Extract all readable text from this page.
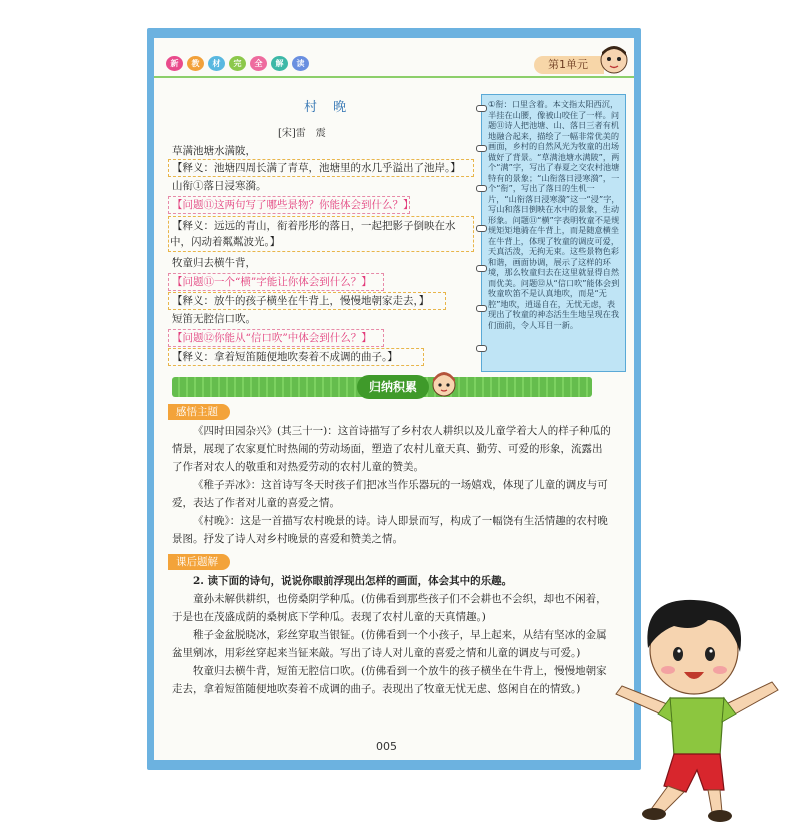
新	教	材	完	全	解	读	第1单元
村 晚
[宋]雷　震
草满池塘水满陂，
【释义：池塘四周长满了青草，池塘里的水几乎溢出了池岸。】
山衔①落日浸寒漪。
【问题⑪这两句写了哪些景物？你能体会到什么？】
【释义：远远的青山，衔着彤彤的落日，一起把影子倒映在水
中，闪动着粼粼波光。】
牧童归去横牛背，
【问题⑪一个“横”字能让你体会到什么？】
【释义：放牛的孩子横坐在牛背上，慢慢地朝家走去，】
短笛无腔信口吹。
【问题⑫你能从“信口吹”中体会到什么？】
【释义：拿着短笛随便地吹奏着不成调的曲子。】
①衔：口里含着。本文指太阳西沉，半挂在山腰，像被山咬住了一样。问题⑪诗人把池塘、山、落日三者有机地融合起来，描绘了一幅非常优美的画面，乡村的自然风光为牧童的出场做好了背景。“草满池塘水满陂”，两个“满”字，写出了春夏之交农村池塘特有的景象；“山衔落日浸寒漪”，一个“衔”，写出了落日的生机一片，“山衔落日浸寒漪”这一“浸”字，写山和落日倒映在水中的景象，生动形象。问题⑪“横”字表明牧童不是规规矩矩地骑在牛背上，而是随意横坐在牛背上，体现了牧童的调皮可爱，天真活泼，无拘无束。这些景物色彩和谐，画面协调，展示了这样的环境，那么牧童归去在这里就显得自然而优美。问题⑫从“信口吹”能体会到牧童吹笛不是认真地吹，而是“无腔”地吹，逍遥自在，无忧无虑，表现出了牧童的神态活生生地呈现在我们面前，令人耳目一新。
归纳积累
感悟主题
《四时田园杂兴》(其三十一)：这首诗描写了乡村农人耕织以及儿童学着大人的样子种瓜的情景，展现了农家夏忙时热闹的劳动场面，塑造了农村儿童天真、勤劳、可爱的形象，流露出了作者对农人的敬重和对热爱劳动的农村儿童的赞美。
《稚子弄冰》：这首诗写冬天时孩子们把冰当作乐器玩的一场嬉戏，体现了儿童的调皮与可爱，表达了作者对儿童的喜爱之情。
《村晚》：这是一首描写农村晚景的诗。诗人即景而写，构成了一幅饶有生活情趣的农村晚景图。抒发了诗人对乡村晚景的喜爱和赞美之情。
课后题解
2. 读下面的诗句，说说你眼前浮现出怎样的画面，体会其中的乐趣。
童孙未解供耕织，也傍桑阴学种瓜。(仿佛看到那些孩子们不会耕也不会织，却也不闲着，于是也在茂盛成荫的桑树底下学种瓜。表现了农村儿童的天真情趣。)
稚子金盆脱晓冰，彩丝穿取当银钲。(仿佛看到一个小孩子，早上起来，从结有坚冰的金属盆里剜冰，用彩丝穿起来当钲来敲。写出了诗人对儿童的喜爱之情和儿童的调皮与可爱。)
牧童归去横牛背，短笛无腔信口吹。(仿佛看到一个放牛的孩子横坐在牛背上，慢慢地朝家走去，拿着短笛随便地吹奏着不成调的曲子。表现出了牧童无忧无虑、悠闲自在的情致。)
005
